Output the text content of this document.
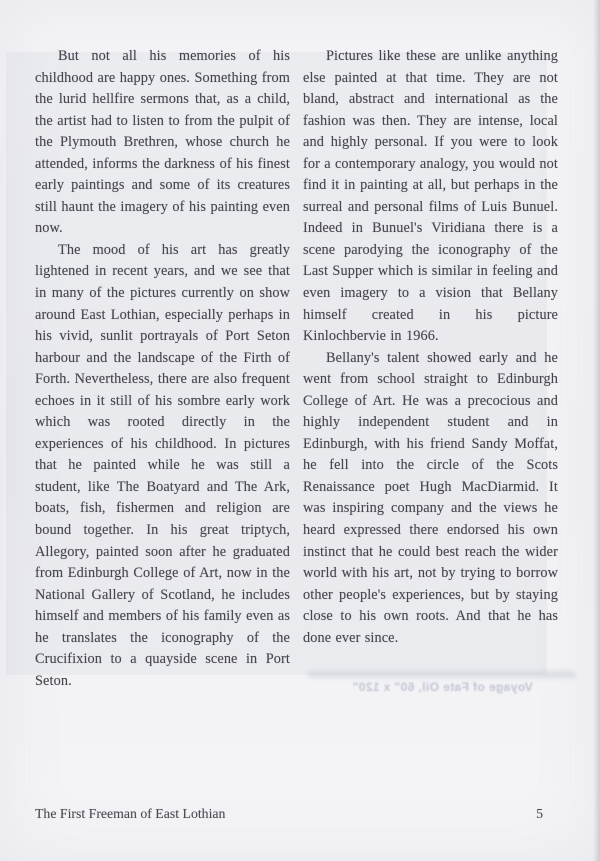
But not all his memories of his childhood are happy ones. Something from the lurid hellfire sermons that, as a child, the artist had to listen to from the pulpit of the Plymouth Brethren, whose church he attended, informs the darkness of his finest early paintings and some of its creatures still haunt the imagery of his painting even now.

The mood of his art has greatly lightened in recent years, and we see that in many of the pictures currently on show around East Lothian, especially perhaps in his vivid, sunlit portrayals of Port Seton harbour and the landscape of the Firth of Forth. Nevertheless, there are also frequent echoes in it still of his sombre early work which was rooted directly in the experiences of his childhood. In pictures that he painted while he was still a student, like The Boatyard and The Ark, boats, fish, fishermen and religion are bound together. In his great triptych, Allegory, painted soon after he graduated from Edinburgh College of Art, now in the National Gallery of Scotland, he includes himself and members of his family even as he translates the iconography of the Crucifixion to a quayside scene in Port Seton.

Pictures like these are unlike anything else painted at that time. They are not bland, abstract and international as the fashion was then. They are intense, local and highly personal. If you were to look for a contemporary analogy, you would not find it in painting at all, but perhaps in the surreal and personal films of Luis Bunuel. Indeed in Bunuel's Viridiana there is a scene parodying the iconography of the Last Supper which is similar in feeling and even imagery to a vision that Bellany himself created in his picture Kinlochbervie in 1966.

Bellany's talent showed early and he went from school straight to Edinburgh College of Art. He was a precocious and highly independent student and in Edinburgh, with his friend Sandy Moffat, he fell into the circle of the Scots Renaissance poet Hugh MacDiarmid. It was inspiring company and the views he heard expressed there endorsed his own instinct that he could best reach the wider world with his art, not by trying to borrow other people's experiences, but by staying close to his own roots. And that he has done ever since.

Voyage of Fate Oil, 60" x 120"
The First Freeman of East Lothian	5
